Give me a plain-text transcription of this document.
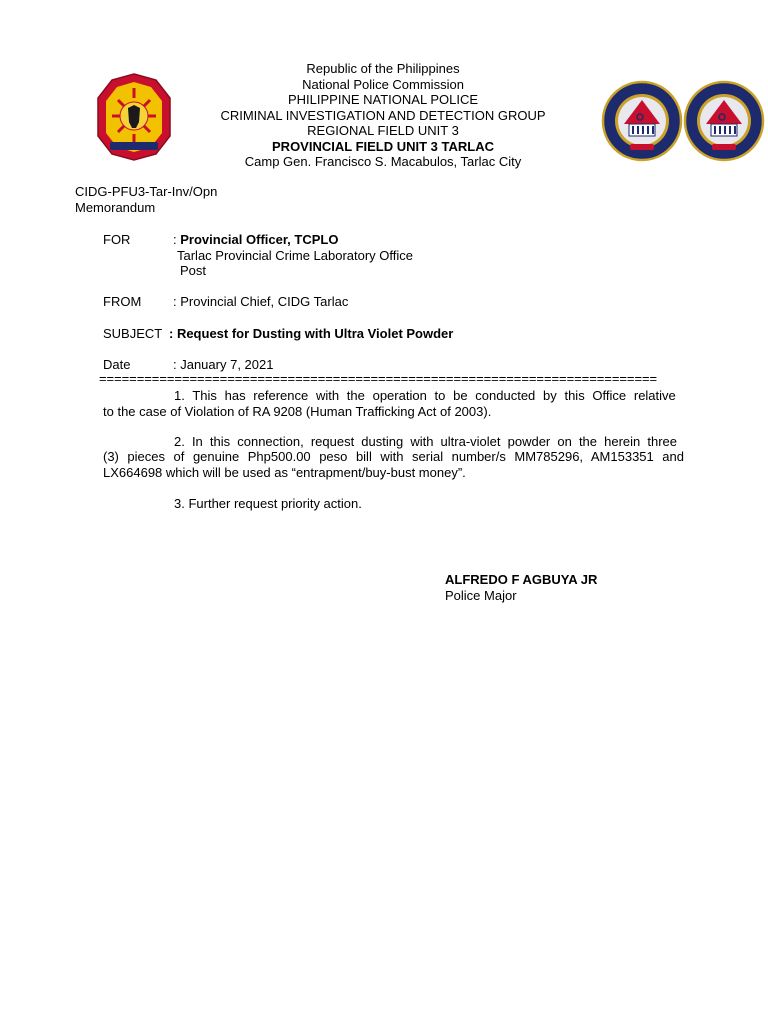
Republic of the Philippines
National Police Commission
PHILIPPINE NATIONAL POLICE
CRIMINAL INVESTIGATION AND DETECTION GROUP
REGIONAL FIELD UNIT 3
PROVINCIAL FIELD UNIT 3 TARLAC
Camp Gen. Francisco S. Macabulos, Tarlac City
CIDG-PFU3-Tar-Inv/Opn
Memorandum
FOR	: Provincial Officer, TCPLO
Tarlac Provincial Crime Laboratory Office
Post
FROM : Provincial Chief, CIDG Tarlac
SUBJECT : Request for Dusting with Ultra Violet Powder
Date	: January 7, 2021
==========================================================================
1. This has reference with the operation to be conducted by this Office relative
to the case of Violation of RA 9208 (Human Trafficking Act of 2003).
2. In this connection, request dusting with ultra-violet powder on the herein three
(3) pieces of genuine Php500.00 peso bill with serial number/s MM785296, AM153351 and
LX664698 which will be used as “entrapment/buy-bust money”.
3. Further request priority action.
ALFREDO F AGBUYA JR
Police Major
